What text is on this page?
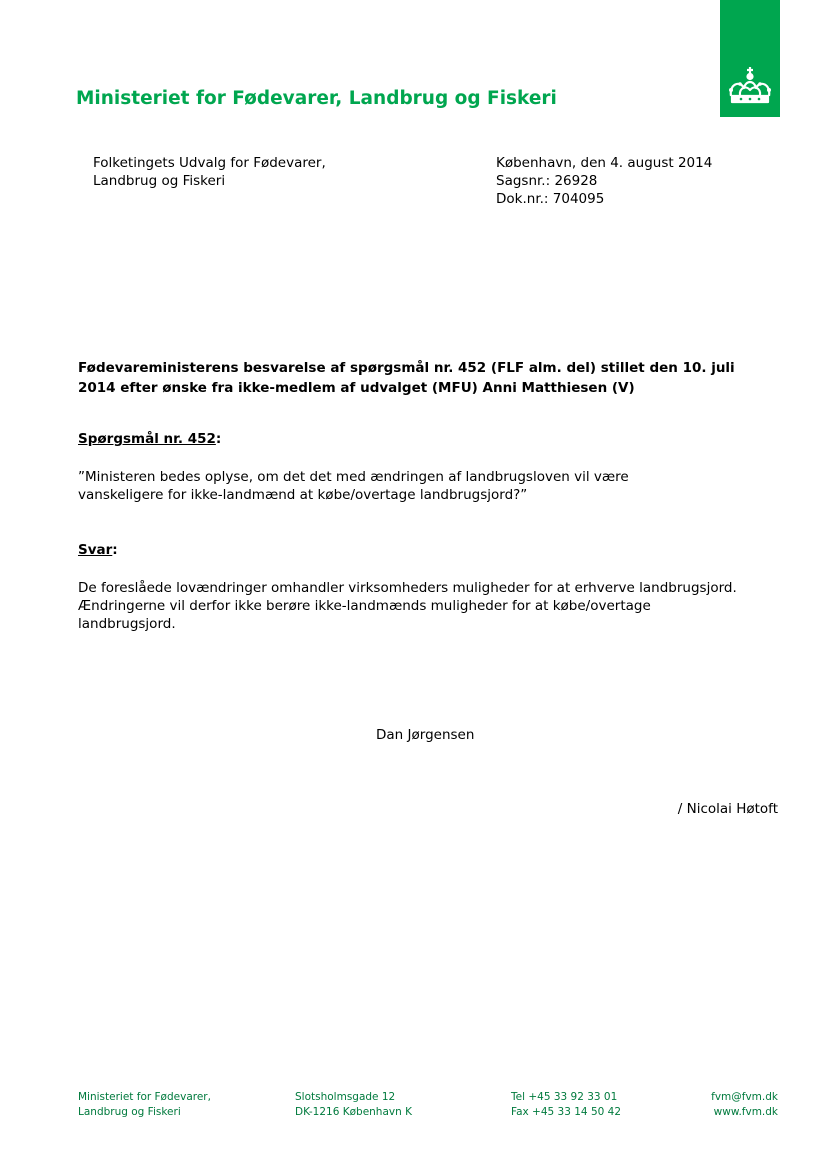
Ministeriet for Fødevarer, Landbrug og Fiskeri
Folketingets Udvalg for Fødevarer,
Landbrug og Fiskeri
København, den 4. august 2014
Sagsnr.: 26928
Dok.nr.: 704095
Fødevareministerens besvarelse af spørgsmål nr. 452 (FLF alm. del) stillet den 10. juli
2014 efter ønske fra ikke-medlem af udvalget (MFU) Anni Matthiesen (V)
Spørgsmål nr. 452:
”Ministeren bedes oplyse, om det det med ændringen af landbrugsloven vil være
vanskeligere for ikke-landmænd at købe/overtage landbrugsjord?”
Svar:
De foreslåede lovændringer omhandler virksomheders muligheder for at erhverve landbrugsjord.
Ændringerne vil derfor ikke berøre ikke-landmænds muligheder for at købe/overtage
landbrugsjord.
Dan Jørgensen
/ Nicolai Høtoft
Ministeriet for Fødevarer,
Landbrug og Fiskeri
Slotsholmsgade 12
DK-1216 København K
Tel +45 33 92 33 01
Fax +45 33 14 50 42
fvm@fvm.dk
www.fvm.dk
